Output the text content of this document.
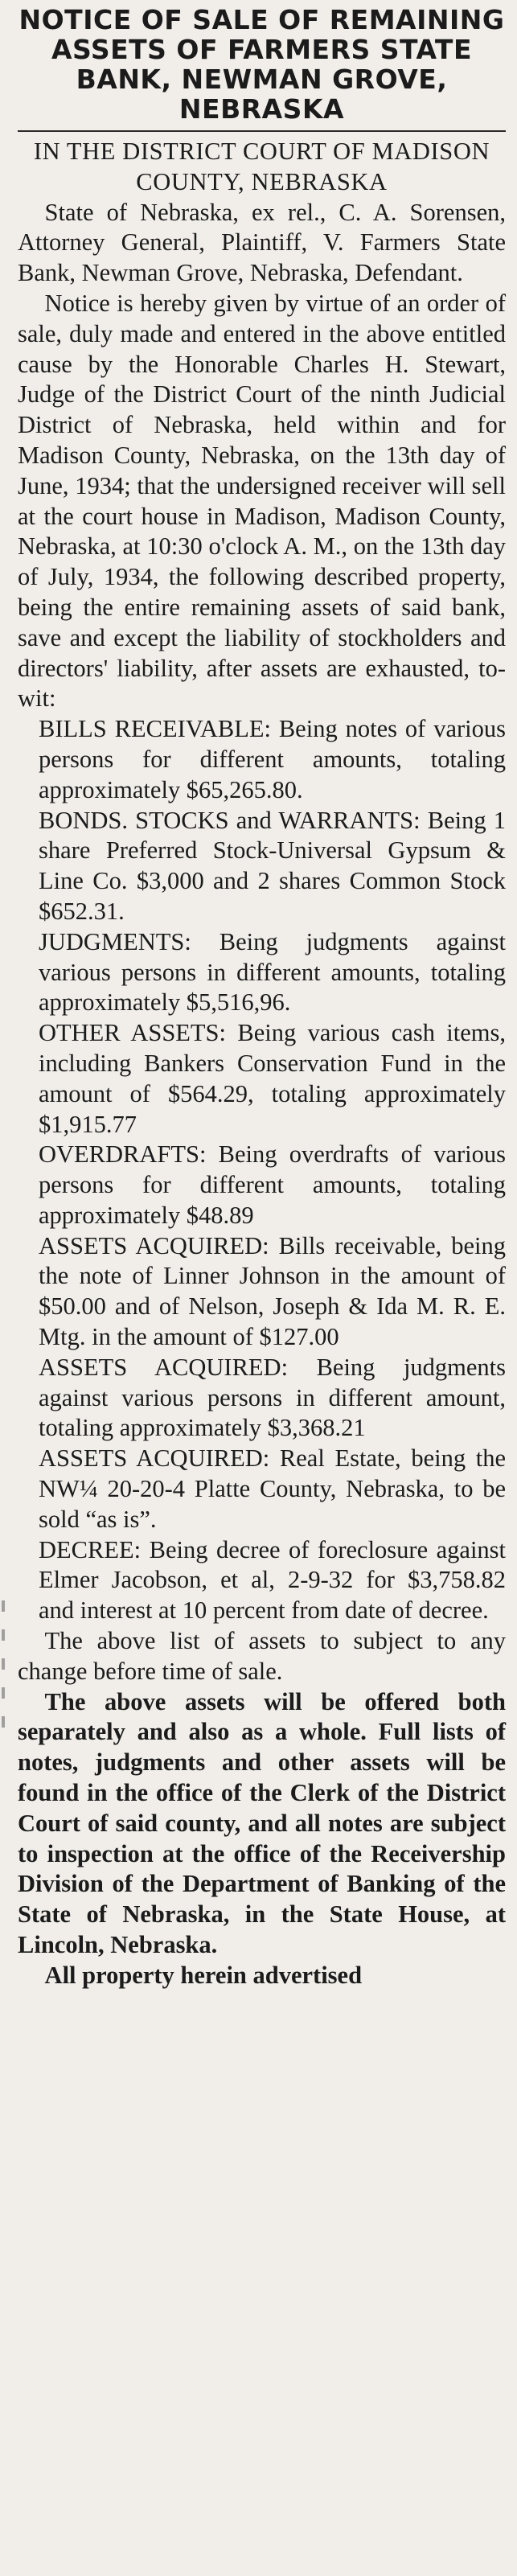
NOTICE OF SALE OF REMAINING ASSETS OF FARMERS STATE BANK, NEWMAN GROVE, NEBRASKA
IN THE DISTRICT COURT OF MADISON COUNTY, NEBRASKA

State of Nebraska, ex rel., C. A. Sorensen, Attorney General, Plaintiff, V. Farmers State Bank, Newman Grove, Nebraska, Defendant.

Notice is hereby given by virtue of an order of sale, duly made and entered in the above entitled cause by the Honorable Charles H. Stewart, Judge of the District Court of the ninth Judicial District of Nebraska, held within and for Madison County, Nebraska, on the 13th day of June, 1934; that the undersigned receiver will sell at the court house in Madison, Madison County, Nebraska, at 10:30 o'clock A. M., on the 13th day of July, 1934, the following described property, being the entire remaining assets of said bank, save and except the liability of stockholders and directors' liability, after assets are exhausted, to-wit:

BILLS RECEIVABLE: Being notes of various persons for different amounts, totaling approximately $65,265.80.

BONDS. STOCKS and WARRANTS: Being 1 share Preferred Stock-Universal Gypsum & Line Co. $3,000 and 2 shares Common Stock $652.31.

JUDGMENTS: Being judgments against various persons in different amounts, totaling approximately $5,516,96.

OTHER ASSETS: Being various cash items, including Bankers Conservation Fund in the amount of $564.29, totaling approximately $1,915.77

OVERDRAFTS: Being overdrafts of various persons for different amounts, totaling approximately $48.89

ASSETS ACQUIRED: Bills receivable, being the note of Linner Johnson in the amount of $50.00 and of Nelson, Joseph & Ida M. R. E. Mtg. in the amount of $127.00

ASSETS ACQUIRED: Being judgments against various persons in different amount, totaling approximately $3,368.21

ASSETS ACQUIRED: Real Estate, being the NW¼ 20-20-4 Platte County, Nebraska, to be sold “as is”.

DECREE: Being decree of foreclosure against Elmer Jacobson, et al, 2-9-32 for $3,758.82 and interest at 10 percent from date of decree.

The above list of assets to subject to any change before time of sale.

The above assets will be offered both separately and also as a whole. Full lists of notes, judgments and other assets will be found in the office of the Clerk of the District Court of said county, and all notes are subject to inspection at the office of the Receivership Division of the Department of Banking of the State of Nebraska, in the State House, at Lincoln, Nebraska.

All property herein advertised
